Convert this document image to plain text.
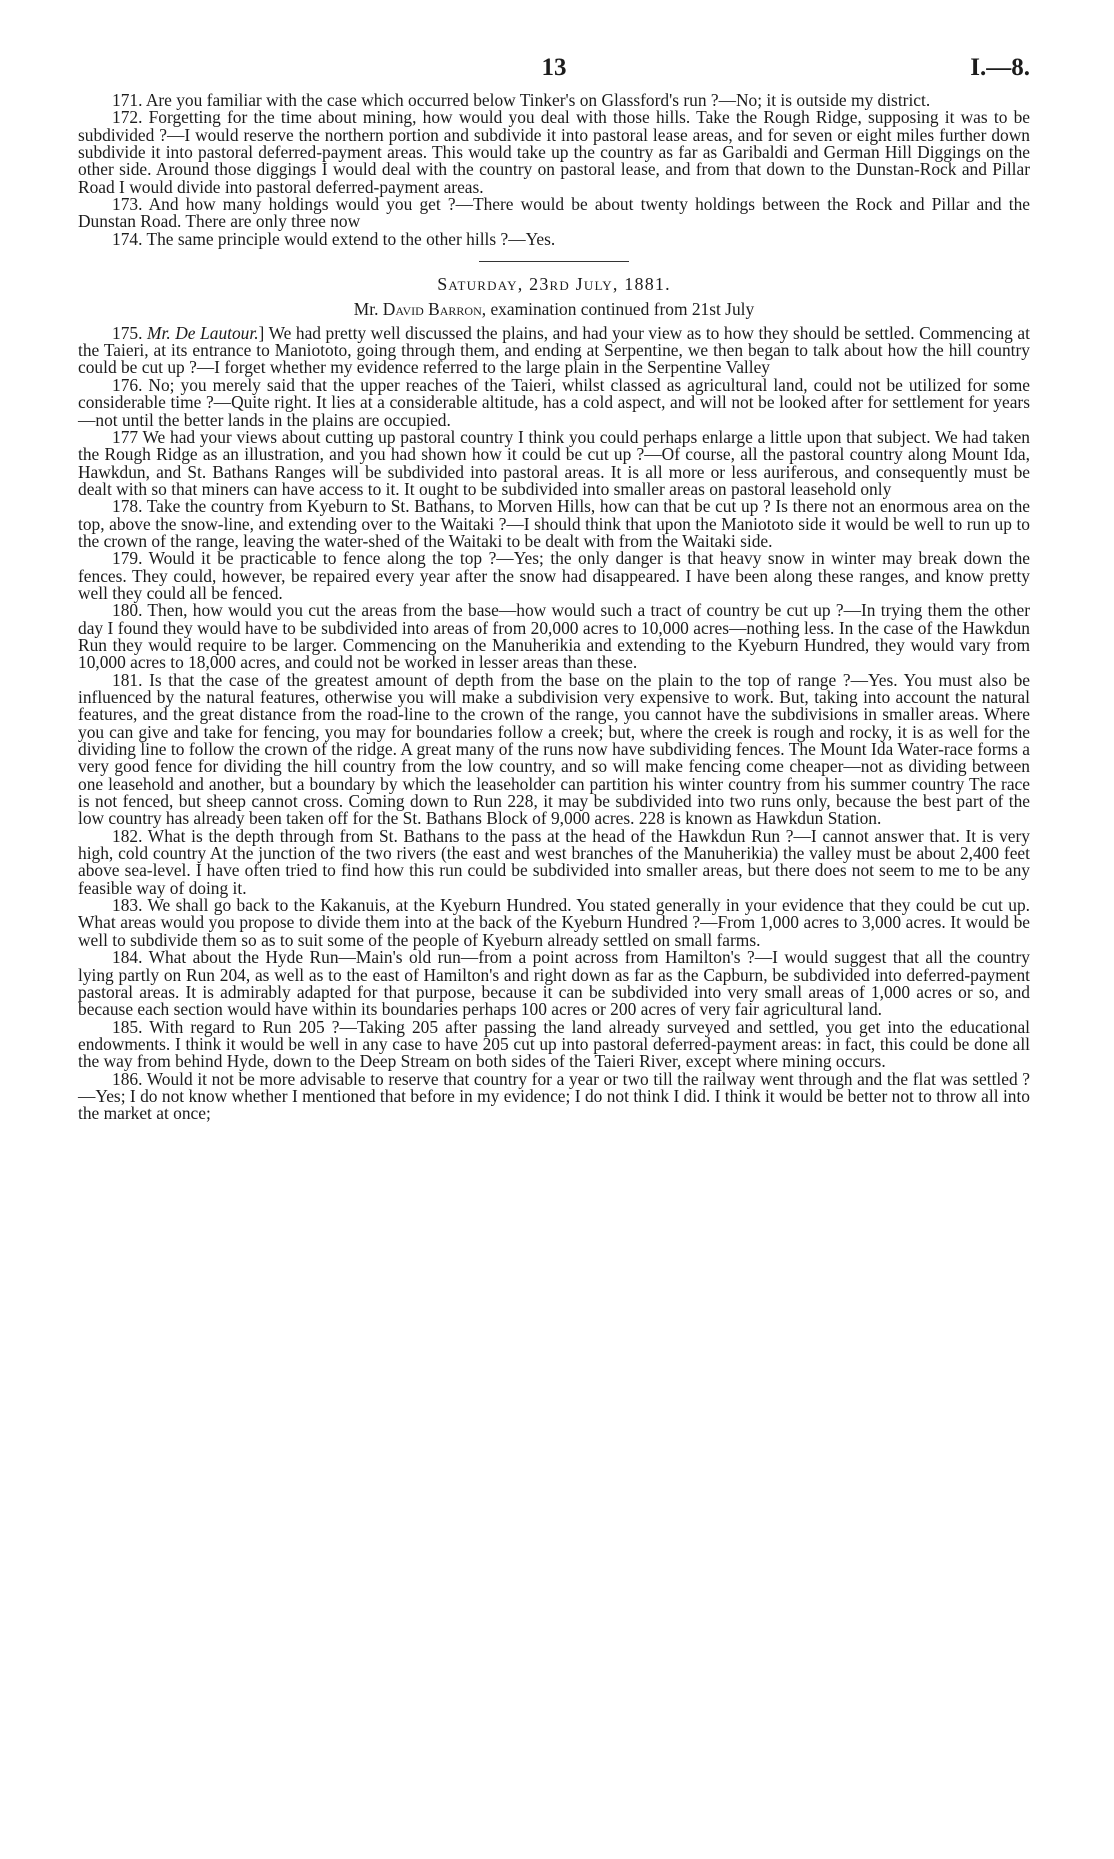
13	I.—8.

171. Are you familiar with the case which occurred below Tinker's on Glassford's run ?—No; it is outside my district.

172. Forgetting for the time about mining, how would you deal with those hills. Take the Rough Ridge, supposing it was to be subdivided ?—I would reserve the northern portion and subdivide it into pastoral lease areas, and for seven or eight miles further down subdivide it into pastoral deferred-payment areas. This would take up the country as far as Garibaldi and German Hill Diggings on the other side. Around those diggings I would deal with the country on pastoral lease, and from that down to the Dunstan-Rock and Pillar Road I would divide into pastoral deferred-payment areas.

173. And how many holdings would you get ?—There would be about twenty holdings between the Rock and Pillar and the Dunstan Road. There are only three now

174. The same principle would extend to the other hills ?—Yes.

Saturday, 23rd July, 1881.

Mr. David Barron, examination continued from 21st July

175. Mr. De Lautour.] We had pretty well discussed the plains, and had your view as to how they should be settled. Commencing at the Taieri, at its entrance to Maniototo, going through them, and ending at Serpentine, we then began to talk about how the hill country could be cut up ?—I forget whether my evidence referred to the large plain in the Serpentine Valley

176. No; you merely said that the upper reaches of the Taieri, whilst classed as agricultural land, could not be utilized for some considerable time ?—Quite right. It lies at a considerable altitude, has a cold aspect, and will not be looked after for settlement for years—not until the better lands in the plains are occupied.

177 We had your views about cutting up pastoral country I think you could perhaps enlarge a little upon that subject. We had taken the Rough Ridge as an illustration, and you had shown how it could be cut up ?—Of course, all the pastoral country along Mount Ida, Hawkdun, and St. Bathans Ranges will be subdivided into pastoral areas. It is all more or less auriferous, and consequently must be dealt with so that miners can have access to it. It ought to be subdivided into smaller areas on pastoral leasehold only

178. Take the country from Kyeburn to St. Bathans, to Morven Hills, how can that be cut up ? Is there not an enormous area on the top, above the snow-line, and extending over to the Waitaki ?—I should think that upon the Maniototo side it would be well to run up to the crown of the range, leaving the water-shed of the Waitaki to be dealt with from the Waitaki side.

179. Would it be practicable to fence along the top ?—Yes; the only danger is that heavy snow in winter may break down the fences. They could, however, be repaired every year after the snow had disappeared. I have been along these ranges, and know pretty well they could all be fenced.

180. Then, how would you cut the areas from the base—how would such a tract of country be cut up ?—In trying them the other day I found they would have to be subdivided into areas of from 20,000 acres to 10,000 acres—nothing less. In the case of the Hawkdun Run they would require to be larger. Commencing on the Manuherikia and extending to the Kyeburn Hundred, they would vary from 10,000 acres to 18,000 acres, and could not be worked in lesser areas than these.

181. Is that the case of the greatest amount of depth from the base on the plain to the top of range ?—Yes. You must also be influenced by the natural features, otherwise you will make a subdivision very expensive to work. But, taking into account the natural features, and the great distance from the road-line to the crown of the range, you cannot have the subdivisions in smaller areas. Where you can give and take for fencing, you may for boundaries follow a creek; but, where the creek is rough and rocky, it is as well for the dividing line to follow the crown of the ridge. A great many of the runs now have subdividing fences. The Mount Ida Water-race forms a very good fence for dividing the hill country from the low country, and so will make fencing come cheaper—not as dividing between one leasehold and another, but a boundary by which the leaseholder can partition his winter country from his summer country The race is not fenced, but sheep cannot cross. Coming down to Run 228, it may be subdivided into two runs only, because the best part of the low country has already been taken off for the St. Bathans Block of 9,000 acres. 228 is known as Hawkdun Station.

182. What is the depth through from St. Bathans to the pass at the head of the Hawkdun Run ?—I cannot answer that. It is very high, cold country At the junction of the two rivers (the east and west branches of the Manuherikia) the valley must be about 2,400 feet above sea-level. I have often tried to find how this run could be subdivided into smaller areas, but there does not seem to me to be any feasible way of doing it.

183. We shall go back to the Kakanuis, at the Kyeburn Hundred. You stated generally in your evidence that they could be cut up. What areas would you propose to divide them into at the back of the Kyeburn Hundred ?—From 1,000 acres to 3,000 acres. It would be well to subdivide them so as to suit some of the people of Kyeburn already settled on small farms.

184. What about the Hyde Run—Main's old run—from a point across from Hamilton's ?—I would suggest that all the country lying partly on Run 204, as well as to the east of Hamilton's and right down as far as the Capburn, be subdivided into deferred-payment pastoral areas. It is admirably adapted for that purpose, because it can be subdivided into very small areas of 1,000 acres or so, and because each section would have within its boundaries perhaps 100 acres or 200 acres of very fair agricultural land.

185. With regard to Run 205 ?—Taking 205 after passing the land already surveyed and settled, you get into the educational endowments. I think it would be well in any case to have 205 cut up into pastoral deferred-payment areas: in fact, this could be done all the way from behind Hyde, down to the Deep Stream on both sides of the Taieri River, except where mining occurs.

186. Would it not be more advisable to reserve that country for a year or two till the railway went through and the flat was settled ?—Yes; I do not know whether I mentioned that before in my evidence; I do not think I did. I think it would be better not to throw all into the market at once;
